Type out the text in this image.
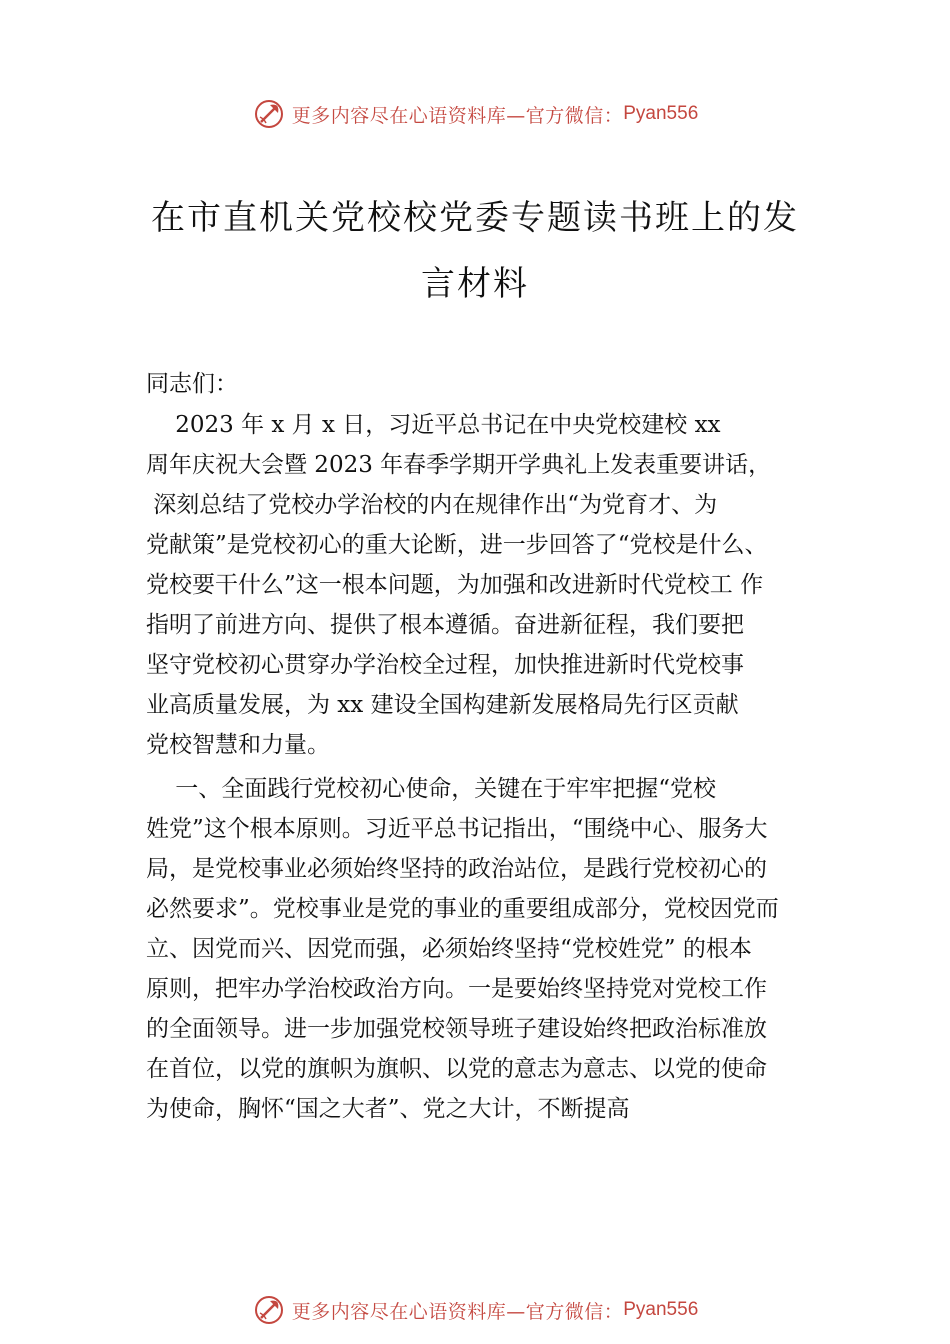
更多内容尽在心语资料库—官方微信： Pyan556
在市直机关党校校党委专题读书班上的发
言材料
同志们：
2023 年 x 月 x 日，习近平总书记在中央党校建校 xx
周年庆祝大会暨 2023 年春季学期开学典礼上发表重要讲话，
深刻总结了党校办学治校的内在规律作出“为党育才、为
党献策”是党校初心的重大论断，进一步回答了“党校是什么、
党校要干什么”这一根本问题，为加强和改进新时代党校工 作
指明了前进方向、提供了根本遵循。奋进新征程，我们要把
坚守党校初心贯穿办学治校全过程，加快推进新时代党校事
业高质量发展，为 xx 建设全国构建新发展格局先行区贡献
党校智慧和力量。
一、全面践行党校初心使命，关键在于牢牢把握“党校
姓党”这个根本原则。习近平总书记指出，“围绕中心、服务大
局，是党校事业必须始终坚持的政治站位，是践行党校初心的
必然要求”。党校事业是党的事业的重要组成部分，党校因党而
立、因党而兴、因党而强，必须始终坚持“党校姓党” 的根本
原则，把牢办学治校政治方向。一是要始终坚持党对党校工作
的全面领导。进一步加强党校领导班子建设始终把政治标准放
在首位，以党的旗帜为旗帜、以党的意志为意志、以党的使命
为使命，胸怀“国之大者”、党之大计，不断提高
更多内容尽在心语资料库—官方微信： Pyan556
